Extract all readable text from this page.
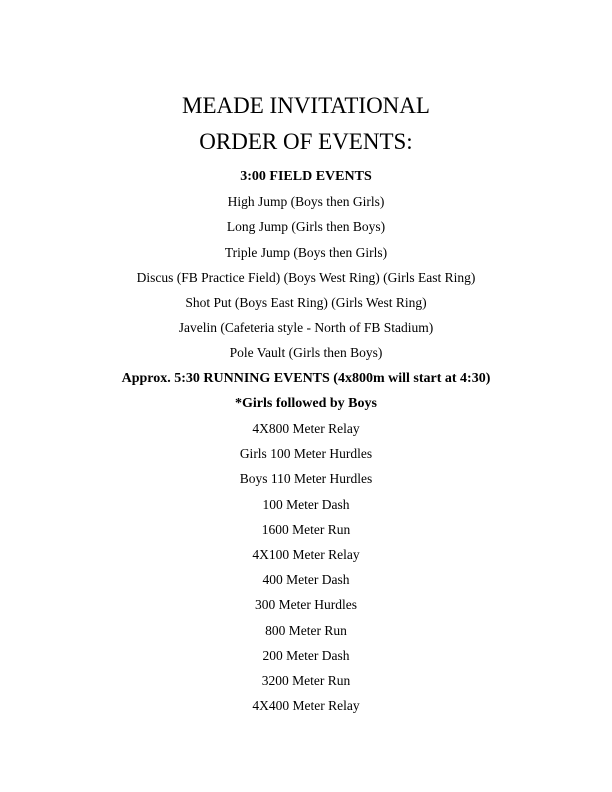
MEADE INVITATIONAL
ORDER OF EVENTS:
3:00 FIELD EVENTS
High Jump (Boys then Girls)
Long Jump (Girls then Boys)
Triple Jump (Boys then Girls)
Discus (FB Practice Field) (Boys West Ring) (Girls East Ring)
Shot Put (Boys East Ring) (Girls West Ring)
Javelin (Cafeteria style - North of FB Stadium)
Pole Vault (Girls then Boys)
Approx. 5:30 RUNNING EVENTS (4x800m will start at 4:30)
*Girls followed by Boys
4X800 Meter Relay
Girls 100 Meter Hurdles
Boys 110 Meter Hurdles
100 Meter Dash
1600 Meter Run
4X100 Meter Relay
400 Meter Dash
300 Meter Hurdles
800 Meter Run
200 Meter Dash
3200 Meter Run
4X400 Meter Relay
